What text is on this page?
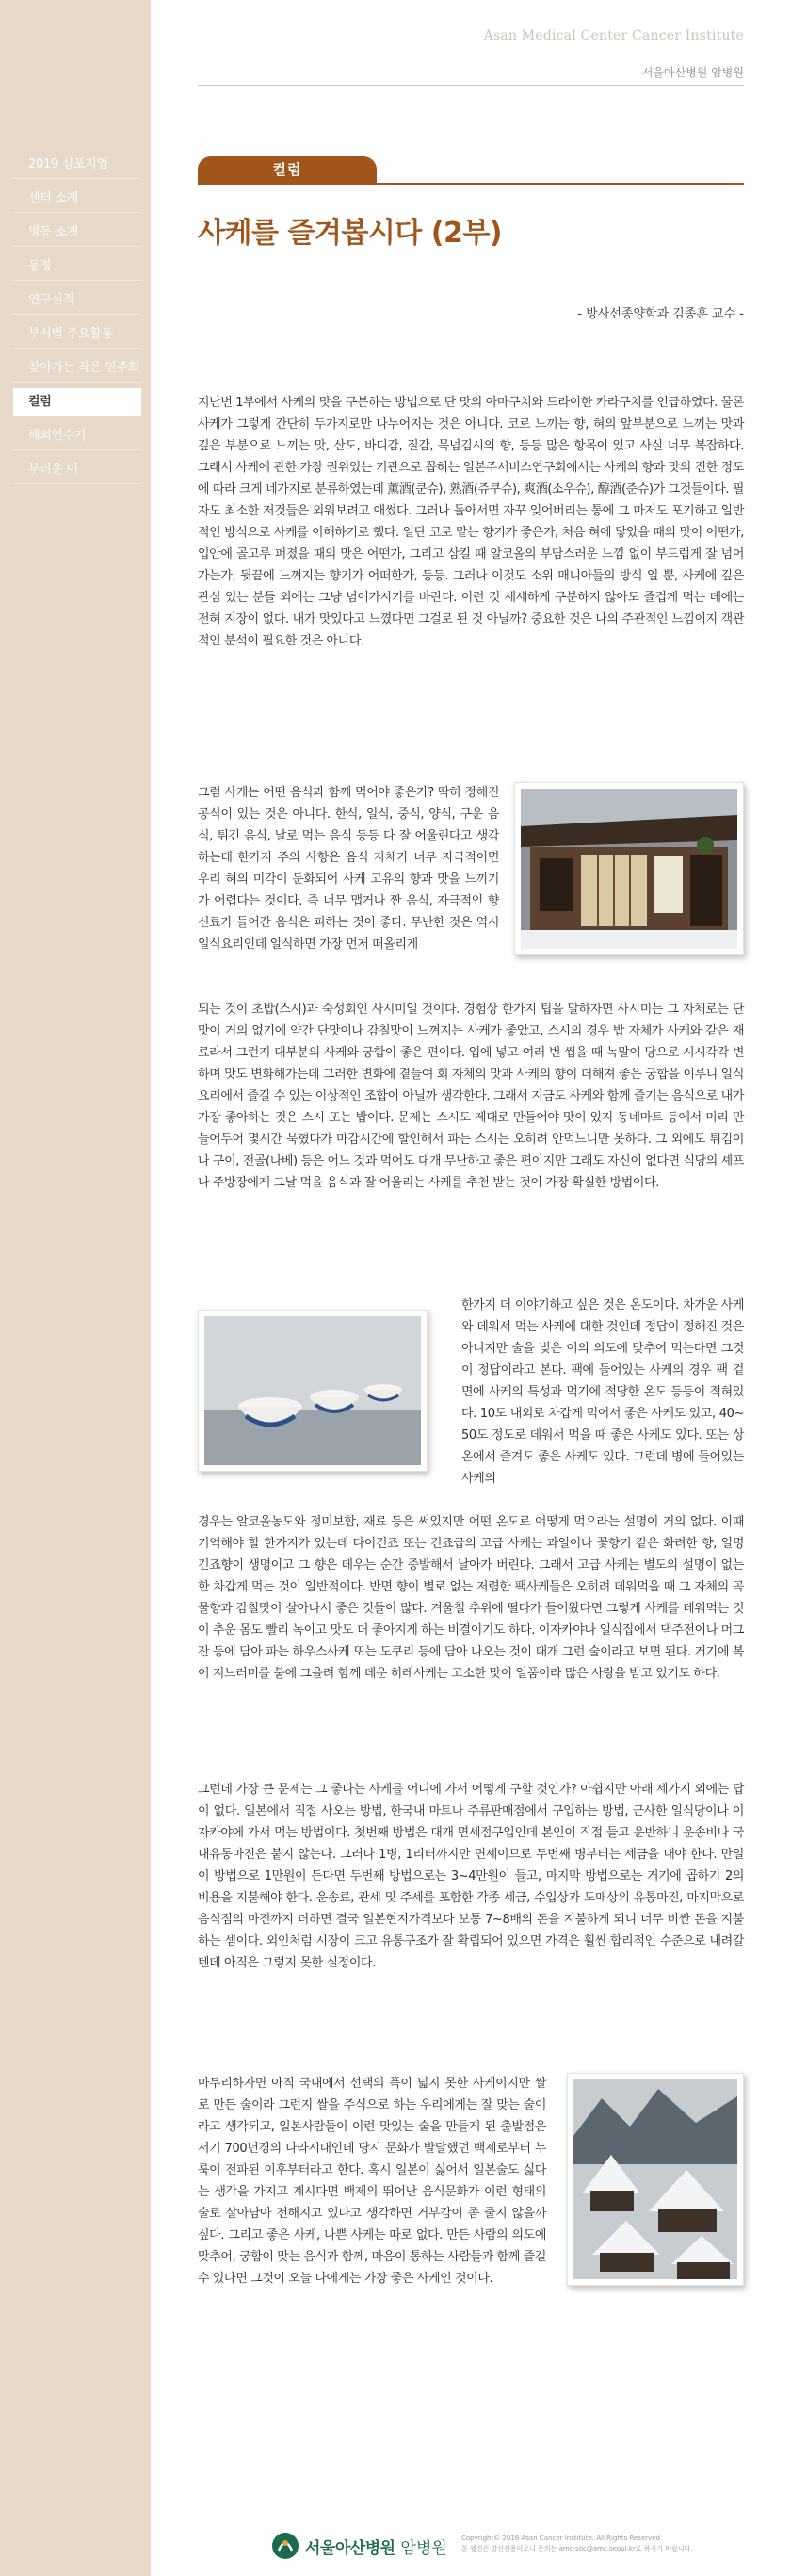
2019 심포지엄
센터 소개
병동 소개
동정
연구실적
부서별 주요활동
찾아가는 작은 연주회
컬럼
해외연수기
부러운 이
Asan Medical Center Cancer Institute
서울아산병원 암병원
컬럼
사케를 즐겨봅시다 (2부)
- 방사선종양학과 김종훈 교수 -

지난번 1부에서 사케의 맛을 구분하는 방법으로 단 맛의 아마구치와 드라이한 카라구치를 언급하였다. 물론 사케가 그렇게 간단히 두가지로만 나누어지는 것은 아니다. 코로 느끼는 향, 혀의 앞부분으로 느끼는 맛과 깊은 부분으로 느끼는 맛, 산도, 바디감, 질감, 목넘김시의 향, 등등 많은 항목이 있고 사실 너무 복잡하다. 그래서 사케에 관한 가장 권위있는 기관으로 꼽히는 일본주서비스연구회에서는 사케의 향과 맛의 진한 정도에 따라 크게 네가지로 분류하였는데 薰酒(쿤슈), 熟酒(쥬쿠슈), 爽酒(소우슈), 醇酒(준슈)가 그것들이다. 필자도 최소한 저것들은 외워보려고 애썼다. 그러나 돌아서면 자꾸 잊어버리는 통에 그 마저도 포기하고 일반적인 방식으로 사케를 이해하기로 했다. 일단 코로 맡는 향기가 좋은가, 처음 혀에 닿았을 때의 맛이 어떤가, 입안에 골고루 퍼졌을 때의 맛은 어떤가, 그리고 삼킬 때 알코올의 부담스러운 느낌 없이 부드럽게 잘 넘어가는가, 뒷끝에 느껴지는 향기가 어떠한가, 등등. 그러나 이것도 소위 매니아들의 방식 일 뿐, 사케에 깊은 관심 있는 분들 외에는 그냥 넘어가시기를 바란다. 이런 것 세세하게 구분하지 않아도 즐겁게 먹는 데에는 전혀 지장이 없다. 내가 맛있다고 느꼈다면 그걸로 된 것 아닐까? 중요한 것은 나의 주관적인 느낌이지 객관적인 분석이 필요한 것은 아니다.

그럼 사케는 어떤 음식과 함께 먹어야 좋은가? 딱히 정해진 공식이 있는 것은 아니다. 한식, 일식, 중식, 양식, 구운 음식, 튀긴 음식, 날로 먹는 음식 등등 다 잘 어울린다고 생각하는데 한가지 주의 사항은 음식 자체가 너무 자극적이면 우리 혀의 미각이 둔화되어 사케 고유의 향과 맛을 느끼기가 어렵다는 것이다. 즉 너무 맵거나 짠 음식, 자극적인 향신료가 들어간 음식은 피하는 것이 좋다. 무난한 것은 역시 일식요리인데 일식하면 가장 먼저 떠올리게

되는 것이 초밥(스시)과 숙성회인 사시미일 것이다. 경험상 한가지 팁을 말하자면 사시미는 그 자체로는 단맛이 거의 없기에 약간 단맛이나 감칠맛이 느껴지는 사케가 좋았고, 스시의 경우 밥 자체가 사케와 같은 재료라서 그런지 대부분의 사케와 궁합이 좋은 편이다. 입에 넣고 여러 번 씹을 때 녹말이 당으로 시시각각 변하며 맛도 변화해가는데 그러한 변화에 곁들여 회 자체의 맛과 사케의 향이 더해져 좋은 궁합을 이루니 일식요리에서 즐길 수 있는 이상적인 조합이 아닐까 생각한다. 그래서 지금도 사케와 함께 즐기는 음식으로 내가 가장 좋아하는 것은 스시 또는 밥이다. 문제는 스시도 제대로 만들어야 맛이 있지 동네마트 등에서 미리 만들어두어 몇시간 묵혔다가 마감시간에 할인해서 파는 스시는 오히려 안먹느니만 못하다. 그 외에도 튀김이나 구이, 전골(나베) 등은 어느 것과 먹어도 대개 무난하고 좋은 편이지만 그래도 자신이 없다면 식당의 셰프나 주방장에게 그날 먹을 음식과 잘 어울리는 사케를 추천 받는 것이 가장 확실한 방법이다.

한가지 더 이야기하고 싶은 것은 온도이다. 차가운 사케와 데워서 먹는 사케에 대한 것인데 정답이 정해진 것은 아니지만 술을 빚은 이의 의도에 맞추어 먹는다면 그것이 정답이라고 본다. 팩에 들어있는 사케의 경우 팩 겉면에 사케의 특성과 먹기에 적당한 온도 등등이 적혀있다. 10도 내외로 차갑게 먹어서 좋은 사케도 있고, 40~50도 정도로 데워서 먹을 때 좋은 사케도 있다. 또는 상온에서 즐겨도 좋은 사케도 있다. 그런데 병에 들어있는 사케의

경우는 알코올농도와 정미보합, 재료 등은 써있지만 어떤 온도로 어떻게 먹으라는 설명이 거의 없다. 이때 기억해야 할 한가지가 있는데 다이긴죠 또는 긴죠급의 고급 사케는 과일이나 꽃향기 같은 화려한 향, 일명 긴죠향이 생명이고 그 향은 데우는 순간 증발해서 날아가 버린다. 그래서 고급 사케는 별도의 설명이 없는 한 차갑게 먹는 것이 일반적이다. 반면 향이 별로 없는 저렴한 팩사케들은 오히려 데워먹을 때 그 자체의 곡물향과 감칠맛이 살아나서 좋은 것들이 많다. 겨울철 추위에 떨다가 들어왔다면 그렇게 사케를 데워먹는 것이 추운 몸도 빨리 녹이고 맛도 더 좋아지게 하는 비결이기도 하다. 이자카야나 일식집에서 댁주전이나 머그잔 등에 담아 파는 하우스사케 또는 도쿠리 등에 담아 나오는 것이 대개 그런 술이라고 보면 된다. 거기에 복어 지느러미를 불에 그을려 함께 데운 히레사케는 고소한 맛이 일품이라 많은 사랑을 받고 있기도 하다.

그런데 가장 큰 문제는 그 좋다는 사케를 어디에 가서 어떻게 구할 것인가? 아쉽지만 아래 세가지 외에는 답이 없다. 일본에서 직접 사오는 방법, 한국내 마트나 주류판매점에서 구입하는 방법, 근사한 일식당이나 이자카야에 가서 먹는 방법이다. 첫번째 방법은 대개 면세점구입인데 본인이 직접 들고 운반하니 운송비나 국내유통마진은 붙지 않는다. 그러나 1병, 1리터까지만 면세이므로 두번째 병부터는 세금을 내야 한다. 만일 이 방법으로 1만원이 든다면 두번째 방법으로는 3~4만원이 들고, 마지막 방법으로는 거기에 곱하기 2의 비용을 지불해야 한다. 운송료, 관세 및 주세를 포함한 각종 세금, 수입상과 도매상의 유통마진, 마지막으로 음식점의 마진까지 더하면 결국 일본현지가격보다 보통 7~8배의 돈을 지불하게 되니 너무 비싼 돈을 지불하는 셈이다. 외인처럼 시장이 크고 유통구조가 잘 확립되어 있으면 가격은 훨씬 합리적인 수준으로 내려갈텐데 아직은 그렇지 못한 실정이다.

마무리하자면 아직 국내에서 선택의 폭이 넓지 못한 사케이지만 쌀로 만든 술이라 그런지 쌀을 주식으로 하는 우리에게는 잘 맞는 술이라고 생각되고, 일본사람들이 이런 맛있는 술을 만들게 된 출발점은 서기 700년경의 나라시대인데 당시 문화가 발달했던 백제로부터 누룩이 전파된 이후부터라고 한다. 혹시 일본이 싫어서 일본술도 싫다는 생각을 가지고 계시다면 백제의 뛰어난 음식문화가 이런 형태의 술로 살아남아 전해지고 있다고 생각하면 거부감이 좀 줄지 않을까 싶다. 그리고 좋은 사케, 나쁜 사케는 따로 없다. 만든 사람의 의도에 맞추어, 궁합이 맞는 음식과 함께, 마음이 통하는 사람들과 함께 즐길 수 있다면 그것이 오늘 나에게는 가장 좋은 사케인 것이다.

서울아산병원 암병원
Copyright© 2016 Asan Cancer Institute. All Rights Reserved.
본 웹진은 발신전용이오니 문의는 amc-soc@amc.seoul.kr로 하시기 바랍니다.
